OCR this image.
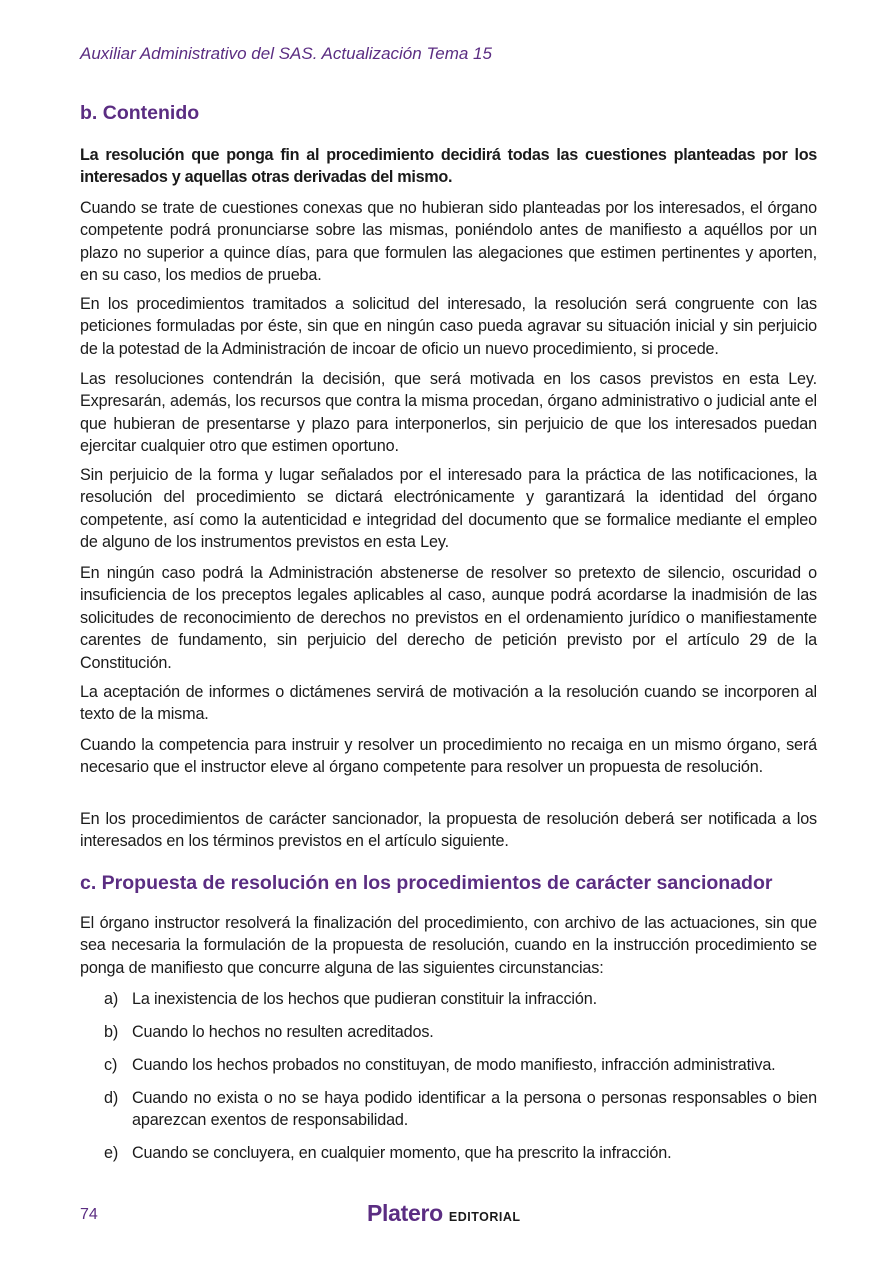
Auxiliar Administrativo del SAS. Actualización Tema 15
b. Contenido

La resolución que ponga fin al procedimiento decidirá todas las cuestiones planteadas por los interesados y aquellas otras derivadas del mismo.

Cuando se trate de cuestiones conexas que no hubieran sido planteadas por los interesados, el órgano competente podrá pronunciarse sobre las mismas, poniéndolo antes de manifiesto a aquéllos por un plazo no superior a quince días, para que formulen las alegaciones que estimen pertinentes y aporten, en su caso, los medios de prueba.

En los procedimientos tramitados a solicitud del interesado, la resolución será congruente con las peticiones formuladas por éste, sin que en ningún caso pueda agravar su situación inicial y sin perjuicio de la potestad de la Administración de incoar de oficio un nuevo procedimiento, si procede.

Las resoluciones contendrán la decisión, que será motivada en los casos previstos en esta Ley. Expresarán, además, los recursos que contra la misma procedan, órgano administrativo o judicial ante el que hubieran de presentarse y plazo para interponerlos, sin perjuicio de que los interesados puedan ejercitar cualquier otro que estimen oportuno.

Sin perjuicio de la forma y lugar señalados por el interesado para la práctica de las notificaciones, la resolución del procedimiento se dictará electrónicamente y garantizará la identidad del órgano competente, así como la autenticidad e integridad del documento que se formalice mediante el empleo de alguno de los instrumentos previstos en esta Ley.

En ningún caso podrá la Administración abstenerse de resolver so pretexto de silencio, oscuridad o insuficiencia de los preceptos legales aplicables al caso, aunque podrá acordarse la inadmisión de las solicitudes de reconocimiento de derechos no previstos en el ordenamiento jurídico o manifiestamente carentes de fundamento, sin perjuicio del derecho de petición previsto por el artículo 29 de la Constitución.

La aceptación de informes o dictámenes servirá de motivación a la resolución cuando se incorporen al texto de la misma.

Cuando la competencia para instruir y resolver un procedimiento no recaiga en un mismo órgano, será necesario que el instructor eleve al órgano competente para resolver un propuesta de resolución.

En los procedimientos de carácter sancionador, la propuesta de resolución deberá ser notificada a los interesados en los términos previstos en el artículo siguiente.

c. Propuesta de resolución en los procedimientos de carácter sancionador

El órgano instructor resolverá la finalización del procedimiento, con archivo de las actuaciones, sin que sea necesaria la formulación de la propuesta de resolución, cuando en la instrucción procedimiento se ponga de manifiesto que concurre alguna de las siguientes circunstancias:

a) La inexistencia de los hechos que pudieran constituir la infracción.
b) Cuando lo hechos no resulten acreditados.
c) Cuando los hechos probados no constituyan, de modo manifiesto, infracción administrativa.
d) Cuando no exista o no se haya podido identificar a la persona o personas responsables o bien aparezcan exentos de responsabilidad.
e) Cuando se concluyera, en cualquier momento, que ha prescrito la infracción.
74	Platero EDITORIAL
